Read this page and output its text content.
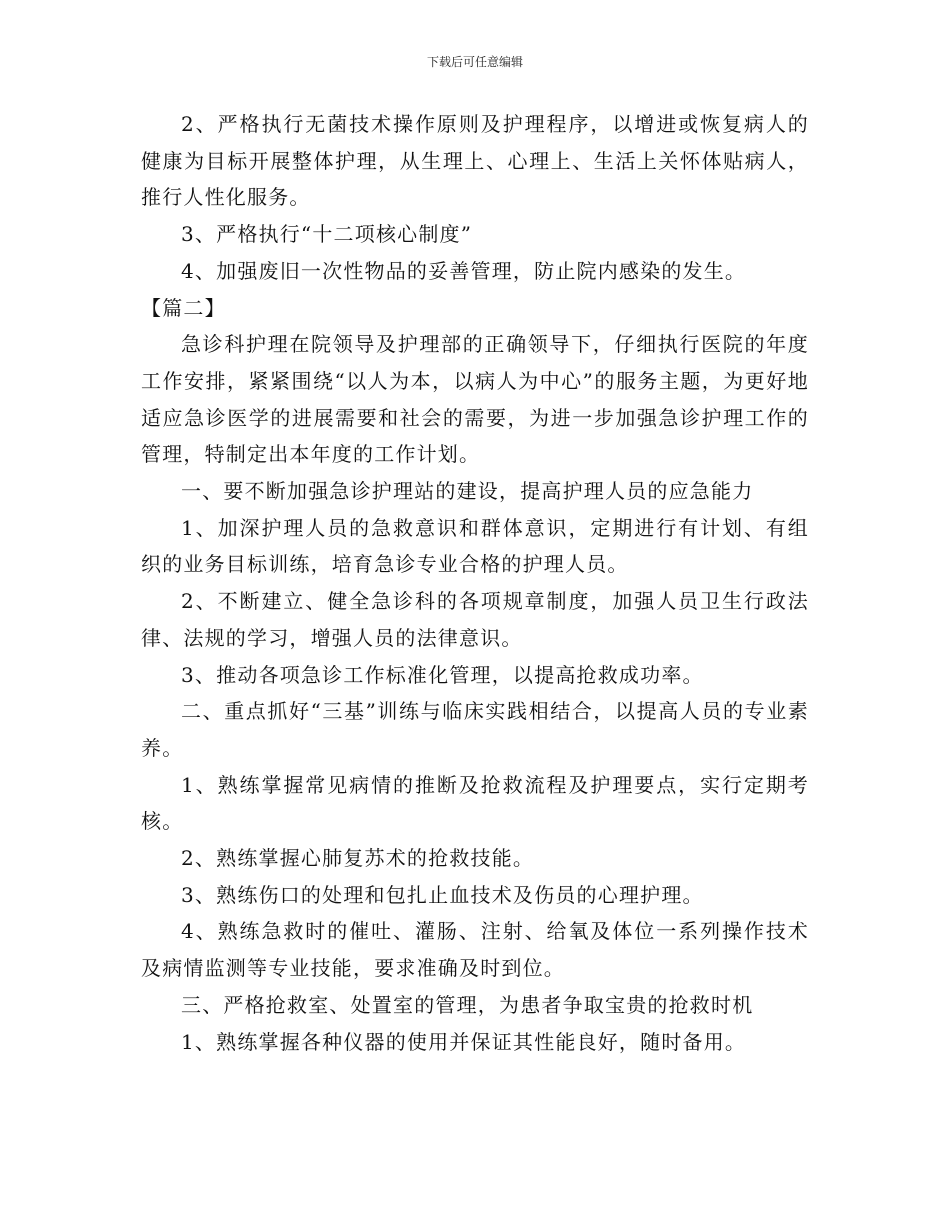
下载后可任意编辑

2、严格执行无菌技术操作原则及护理程序，以增进或恢复病人的健康为目标开展整体护理，从生理上、心理上、生活上关怀体贴病人，推行人性化服务。

3、严格执行“十二项核心制度”

4、加强废旧一次性物品的妥善管理，防止院内感染的发生。

【篇二】

急诊科护理在院领导及护理部的正确领导下，仔细执行医院的年度工作安排，紧紧围绕“以人为本，以病人为中心”的服务主题，为更好地适应急诊医学的进展需要和社会的需要，为进一步加强急诊护理工作的管理，特制定出本年度的工作计划。

一、要不断加强急诊护理站的建设，提高护理人员的应急能力

1、加深护理人员的急救意识和群体意识，定期进行有计划、有组织的业务目标训练，培育急诊专业合格的护理人员。

2、不断建立、健全急诊科的各项规章制度，加强人员卫生行政法律、法规的学习，增强人员的法律意识。

3、推动各项急诊工作标准化管理，以提高抢救成功率。

二、重点抓好“三基”训练与临床实践相结合，以提高人员的专业素养。

1、熟练掌握常见病情的推断及抢救流程及护理要点，实行定期考核。

2、熟练掌握心肺复苏术的抢救技能。

3、熟练伤口的处理和包扎止血技术及伤员的心理护理。

4、熟练急救时的催吐、灌肠、注射、给氧及体位一系列操作技术及病情监测等专业技能，要求准确及时到位。

三、严格抢救室、处置室的管理，为患者争取宝贵的抢救时机

1、熟练掌握各种仪器的使用并保证其性能良好，随时备用。
